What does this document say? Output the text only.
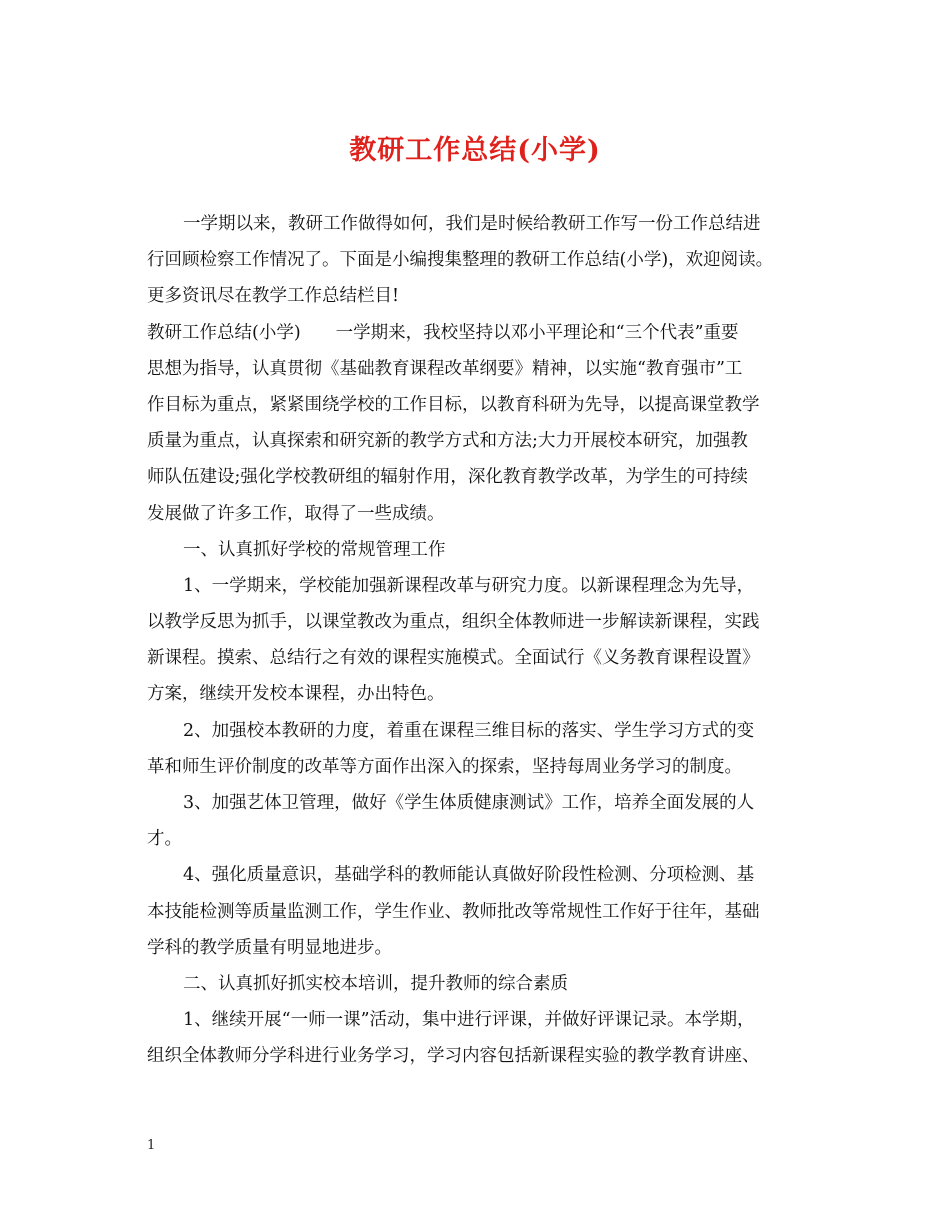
教研工作总结(小学)

一学期以来，教研工作做得如何，我们是时候给教研工作写一份工作总结进

行回顾检察工作情况了。下面是小编搜集整理的教研工作总结(小学)，欢迎阅读。

更多资讯尽在教学工作总结栏目!

教研工作总结(小学)　　一学期来，我校坚持以邓小平理论和“三个代表”重要

思想为指导，认真贯彻《基础教育课程改革纲要》精神，以实施“教育强市”工

作目标为重点，紧紧围绕学校的工作目标，以教育科研为先导，以提高课堂教学

质量为重点，认真探索和研究新的教学方式和方法;大力开展校本研究，加强教

师队伍建设;强化学校教研组的辐射作用，深化教育教学改革，为学生的可持续

发展做了许多工作，取得了一些成绩。

一、认真抓好学校的常规管理工作

1、一学期来，学校能加强新课程改革与研究力度。以新课程理念为先导，

以教学反思为抓手，以课堂教改为重点，组织全体教师进一步解读新课程，实践

新课程。摸索、总结行之有效的课程实施模式。全面试行《义务教育课程设置》

方案，继续开发校本课程，办出特色。

2、加强校本教研的力度，着重在课程三维目标的落实、学生学习方式的变

革和师生评价制度的改革等方面作出深入的探索，坚持每周业务学习的制度。

3、加强艺体卫管理，做好《学生体质健康测试》工作，培养全面发展的人

才。

4、强化质量意识，基础学科的教师能认真做好阶段性检测、分项检测、基

本技能检测等质量监测工作，学生作业、教师批改等常规性工作好于往年，基础

学科的教学质量有明显地进步。

二、认真抓好抓实校本培训，提升教师的综合素质

1、继续开展“一师一课”活动，集中进行评课，并做好评课记录。本学期，

组织全体教师分学科进行业务学习，学习内容包括新课程实验的教学教育讲座、

1
